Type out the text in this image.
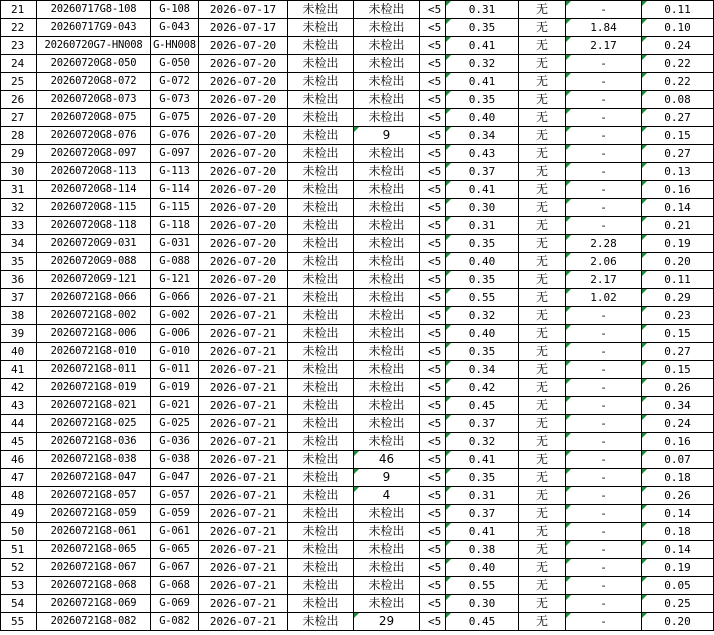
21	20260717G8-108	G-108	2026-07-17	未检出	未检出	<5	0.31	无	-	0.11
22	20260717G9-043	G-043	2026-07-17	未检出	未检出	<5	0.35	无	1.84	0.10
23	20260720G7-HN008	G-HN008	2026-07-20	未检出	未检出	<5	0.41	无	2.17	0.24
24	20260720G8-050	G-050	2026-07-20	未检出	未检出	<5	0.32	无	-	0.22
25	20260720G8-072	G-072	2026-07-20	未检出	未检出	<5	0.41	无	-	0.22
26	20260720G8-073	G-073	2026-07-20	未检出	未检出	<5	0.35	无	-	0.08
27	20260720G8-075	G-075	2026-07-20	未检出	未检出	<5	0.40	无	-	0.27
28	20260720G8-076	G-076	2026-07-20	未检出	9	<5	0.34	无	-	0.15
29	20260720G8-097	G-097	2026-07-20	未检出	未检出	<5	0.43	无	-	0.27
30	20260720G8-113	G-113	2026-07-20	未检出	未检出	<5	0.37	无	-	0.13
31	20260720G8-114	G-114	2026-07-20	未检出	未检出	<5	0.41	无	-	0.16
32	20260720G8-115	G-115	2026-07-20	未检出	未检出	<5	0.30	无	-	0.14
33	20260720G8-118	G-118	2026-07-20	未检出	未检出	<5	0.31	无	-	0.21
34	20260720G9-031	G-031	2026-07-20	未检出	未检出	<5	0.35	无	2.28	0.19
35	20260720G9-088	G-088	2026-07-20	未检出	未检出	<5	0.40	无	2.06	0.20
36	20260720G9-121	G-121	2026-07-20	未检出	未检出	<5	0.35	无	2.17	0.11
37	20260721G8-066	G-066	2026-07-21	未检出	未检出	<5	0.55	无	1.02	0.29
38	20260721G8-002	G-002	2026-07-21	未检出	未检出	<5	0.32	无	-	0.23
39	20260721G8-006	G-006	2026-07-21	未检出	未检出	<5	0.40	无	-	0.15
40	20260721G8-010	G-010	2026-07-21	未检出	未检出	<5	0.35	无	-	0.27
41	20260721G8-011	G-011	2026-07-21	未检出	未检出	<5	0.34	无	-	0.15
42	20260721G8-019	G-019	2026-07-21	未检出	未检出	<5	0.42	无	-	0.26
43	20260721G8-021	G-021	2026-07-21	未检出	未检出	<5	0.45	无	-	0.34
44	20260721G8-025	G-025	2026-07-21	未检出	未检出	<5	0.37	无	-	0.24
45	20260721G8-036	G-036	2026-07-21	未检出	未检出	<5	0.32	无	-	0.16
46	20260721G8-038	G-038	2026-07-21	未检出	46	<5	0.41	无	-	0.07
47	20260721G8-047	G-047	2026-07-21	未检出	9	<5	0.35	无	-	0.18
48	20260721G8-057	G-057	2026-07-21	未检出	4	<5	0.31	无	-	0.26
49	20260721G8-059	G-059	2026-07-21	未检出	未检出	<5	0.37	无	-	0.14
50	20260721G8-061	G-061	2026-07-21	未检出	未检出	<5	0.41	无	-	0.18
51	20260721G8-065	G-065	2026-07-21	未检出	未检出	<5	0.38	无	-	0.14
52	20260721G8-067	G-067	2026-07-21	未检出	未检出	<5	0.40	无	-	0.19
53	20260721G8-068	G-068	2026-07-21	未检出	未检出	<5	0.55	无	-	0.05
54	20260721G8-069	G-069	2026-07-21	未检出	未检出	<5	0.30	无	-	0.25
55	20260721G8-082	G-082	2026-07-21	未检出	29	<5	0.45	无	-	0.20
